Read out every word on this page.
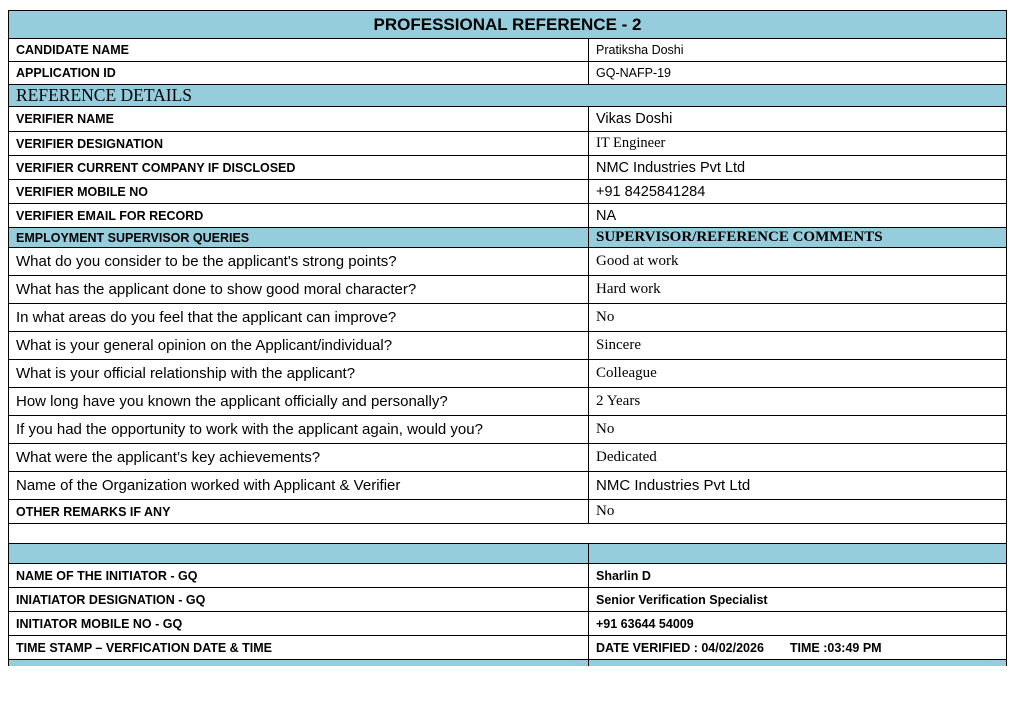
PROFESSIONAL REFERENCE - 2	
CANDIDATE NAME	Pratiksha Doshi
APPLICATION ID	GQ-NAFP-19
REFERENCE DETAILS	
VERIFIER NAME	Vikas Doshi
VERIFIER DESIGNATION	IT Engineer
VERIFIER CURRENT COMPANY IF DISCLOSED	NMC Industries Pvt Ltd
VERIFIER MOBILE NO	+91 8425841284
VERIFIER EMAIL FOR RECORD	NA
EMPLOYMENT SUPERVISOR QUERIES	SUPERVISOR/REFERENCE COMMENTS
What do you consider to be the applicant's strong points?	Good at work
What has the applicant done to show good moral character?	Hard work
In what areas do you feel that the applicant can improve?	No
What is your general opinion on the Applicant/individual?	Sincere
What is your official relationship with the applicant?	Colleague
How long have you known the applicant officially and personally?	2 Years
If you had the opportunity to work with the applicant again, would you?	No
What were the applicant’s key achievements?	Dedicated
Name of the Organization worked with Applicant & Verifier	NMC Industries Pvt Ltd
OTHER REMARKS IF ANY	No

NAME OF THE INITIATOR - GQ	Sharlin D
INIATIATOR DESIGNATION - GQ	Senior Verification Specialist
INITIATOR MOBILE NO - GQ	+91 63644 54009
TIME STAMP – VERFICATION DATE & TIME	DATE VERIFIED : 04/02/2026 TIME :03:49 PM
